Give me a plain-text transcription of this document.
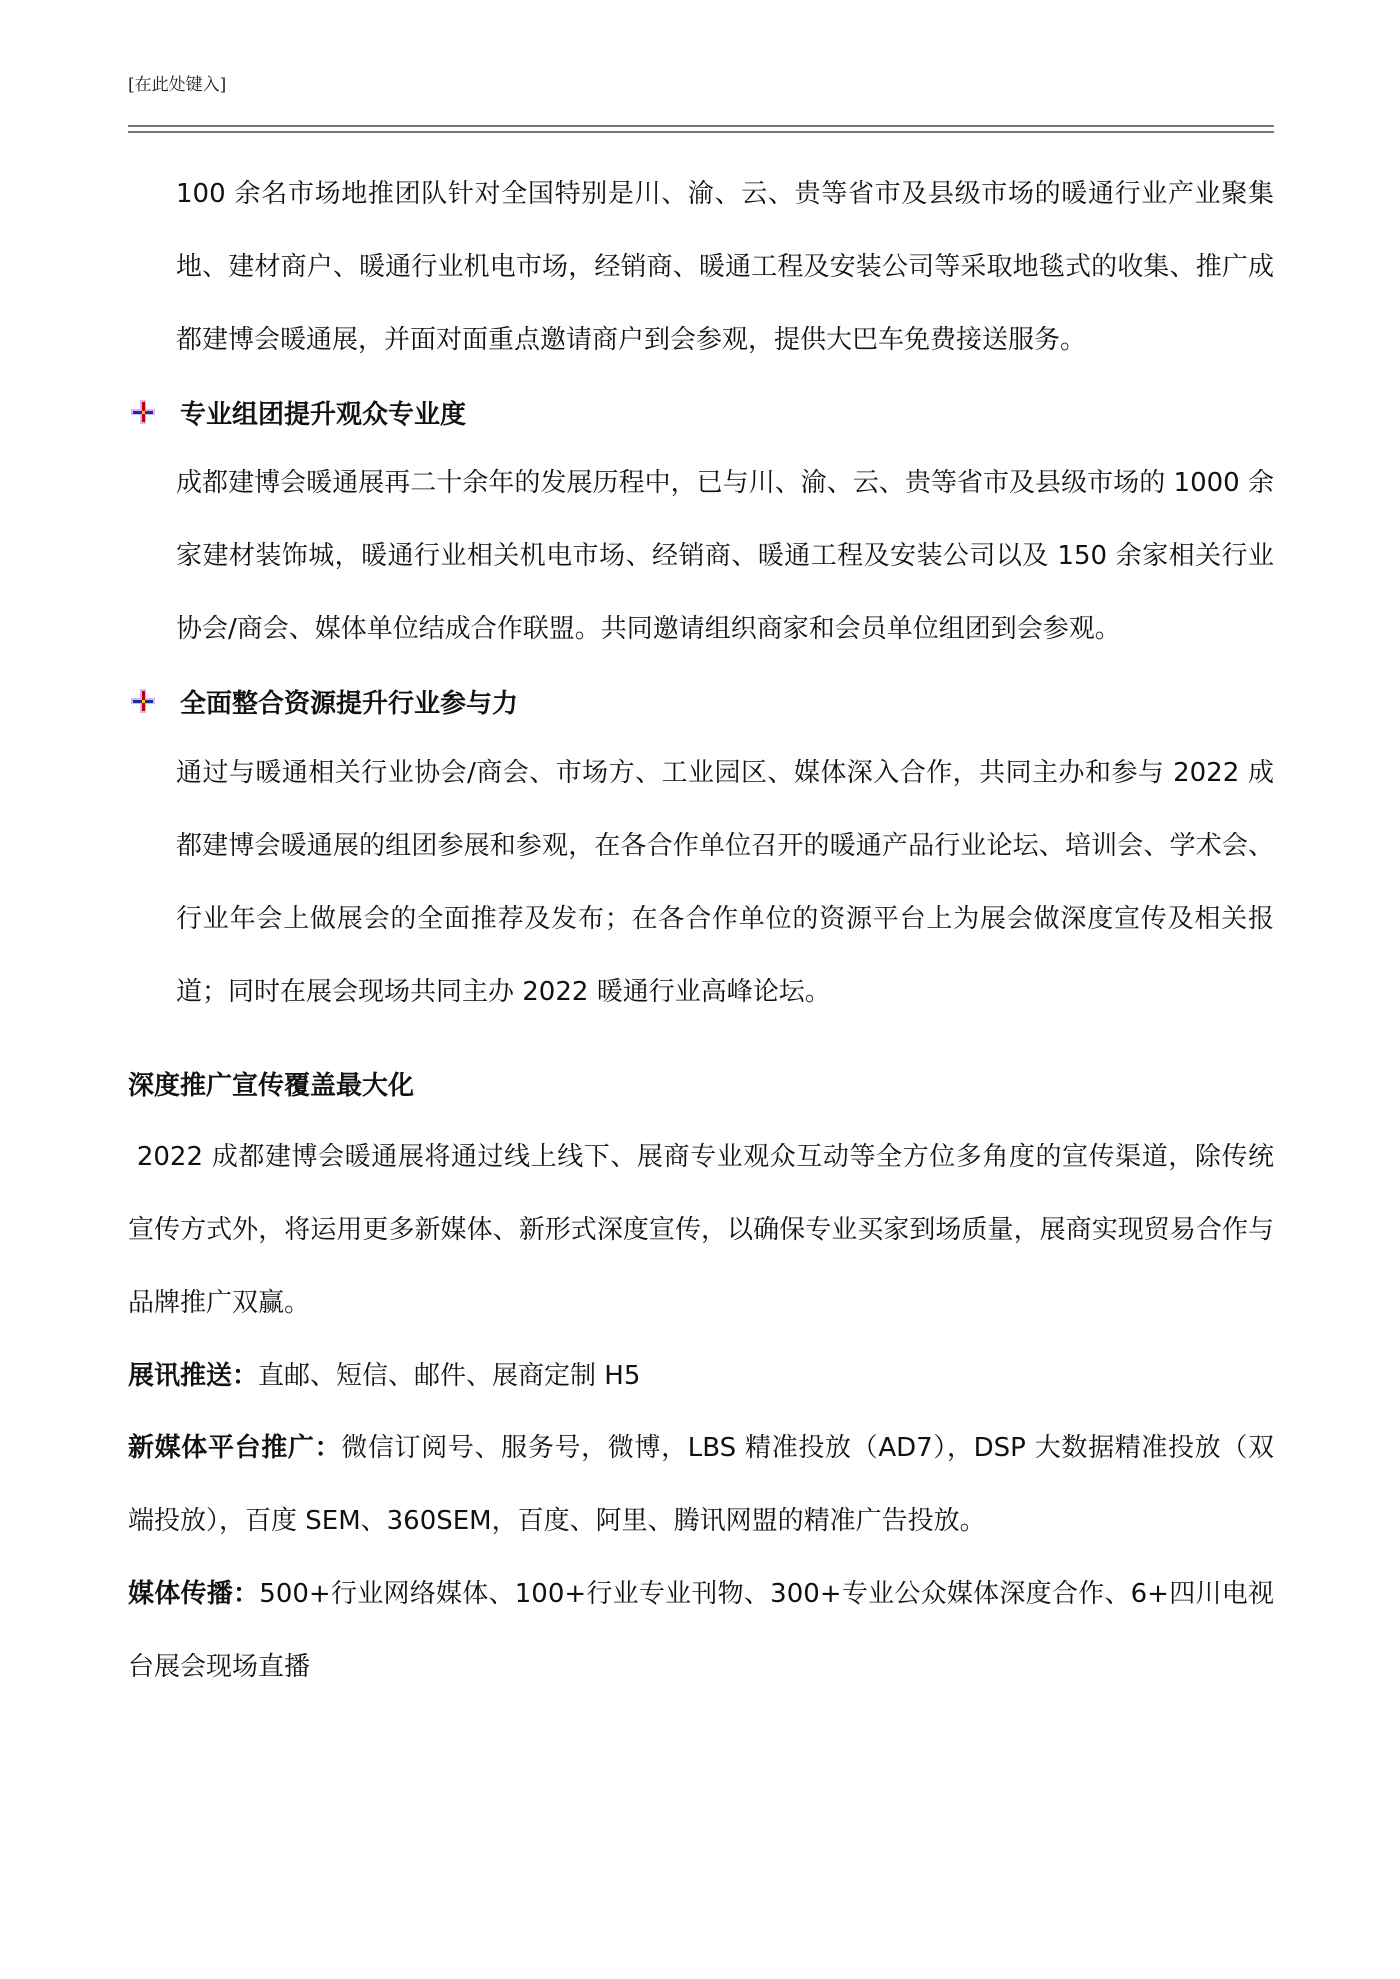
[在此处键入]

100 余名市场地推团队针对全国特别是川、渝、云、贵等省市及县级市场的暖通行业产业聚集地、建材商户、暖通行业机电市场，经销商、暖通工程及安装公司等采取地毯式的收集、推广成都建博会暖通展，并面对面重点邀请商户到会参观，提供大巴车免费接送服务。

专业组团提升观众专业度

成都建博会暖通展再二十余年的发展历程中，已与川、渝、云、贵等省市及县级市场的 1000 余家建材装饰城，暖通行业相关机电市场、经销商、暖通工程及安装公司以及 150 余家相关行业协会/商会、媒体单位结成合作联盟。共同邀请组织商家和会员单位组团到会参观。

全面整合资源提升行业参与力

通过与暖通相关行业协会/商会、市场方、工业园区、媒体深入合作，共同主办和参与 2022 成都建博会暖通展的组团参展和参观，在各合作单位召开的暖通产品行业论坛、培训会、学术会、行业年会上做展会的全面推荐及发布；在各合作单位的资源平台上为展会做深度宣传及相关报道；同时在展会现场共同主办 2022 暖通行业高峰论坛。

深度推广宣传覆盖最大化

2022 成都建博会暖通展将通过线上线下、展商专业观众互动等全方位多角度的宣传渠道，除传统宣传方式外，将运用更多新媒体、新形式深度宣传，以确保专业买家到场质量，展商实现贸易合作与品牌推广双赢。

展讯推送：直邮、短信、邮件、展商定制 H5

新媒体平台推广：微信订阅号、服务号，微博，LBS 精准投放（AD7），DSP 大数据精准投放（双端投放），百度 SEM、360SEM，百度、阿里、腾讯网盟的精准广告投放。

媒体传播：500+行业网络媒体、100+行业专业刊物、300+专业公众媒体深度合作、6+四川电视台展会现场直播
